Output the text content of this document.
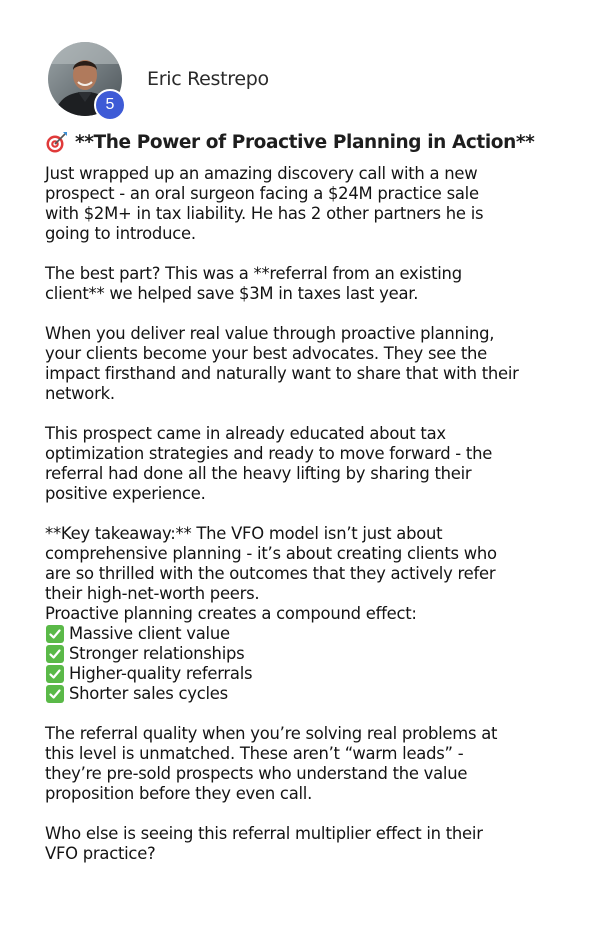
5
Eric Restrepo
**The Power of Proactive Planning in Action**
Just wrapped up an amazing discovery call with a new
prospect - an oral surgeon facing a $24M practice sale
with $2M+ in tax liability. He has 2 other partners he is
going to introduce.
The best part? This was a **referral from an existing
client** we helped save $3M in taxes last year.
When you deliver real value through proactive planning,
your clients become your best advocates. They see the
impact firsthand and naturally want to share that with their
network.
This prospect came in already educated about tax
optimization strategies and ready to move forward - the
referral had done all the heavy lifting by sharing their
positive experience.
**Key takeaway:** The VFO model isn’t just about
comprehensive planning - it’s about creating clients who
are so thrilled with the outcomes that they actively refer
their high-net-worth peers.
Proactive planning creates a compound effect:
Massive client value
Stronger relationships
Higher-quality referrals
Shorter sales cycles
The referral quality when you’re solving real problems at
this level is unmatched. These aren’t “warm leads” -
they’re pre-sold prospects who understand the value
proposition before they even call.
Who else is seeing this referral multiplier effect in their
VFO practice?
